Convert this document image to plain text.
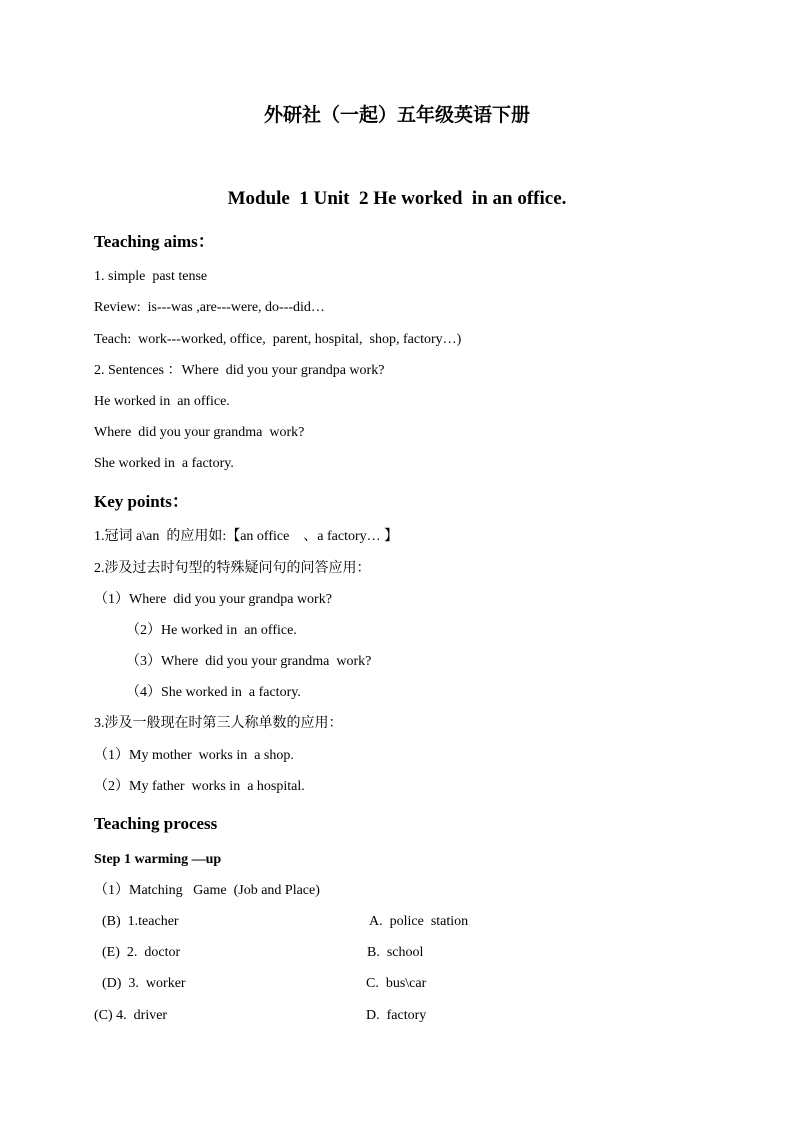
外研社（一起）五年级英语下册
Module  1 Unit  2 He worked  in an office.
Teaching aims：
1. simple  past tense
Review:  is---was ,are---were, do---did…
Teach:  work---worked, office,  parent, hospital,  shop, factory…)
2. Sentences ：Where  did you your grandpa work?
He worked in  an office.
Where  did you your grandma  work?
She worked in  a factory.
Key points：
1.冠词 a\an  的应用如:【an office    、a factory… 】
2.涉及过去时句型的特殊疑问句的问答应用：
（1）Where  did you your grandpa work?
（2）He worked in  an office.
（3）Where  did you your grandma  work?
（4）She worked in  a factory.
3.涉及一般现在时第三人称单数的应用：
（1）My mother  works in  a shop.
（2）My father  works in  a hospital.
Teaching process
Step 1 warming —up
（1）Matching   Game  (Job and Place)
(B)  1.teacher	A.  police  station
(E)  2.  doctor	B.  school
(D)  3.  worker	C.  bus\car
(C) 4.  driver	D.  factory
